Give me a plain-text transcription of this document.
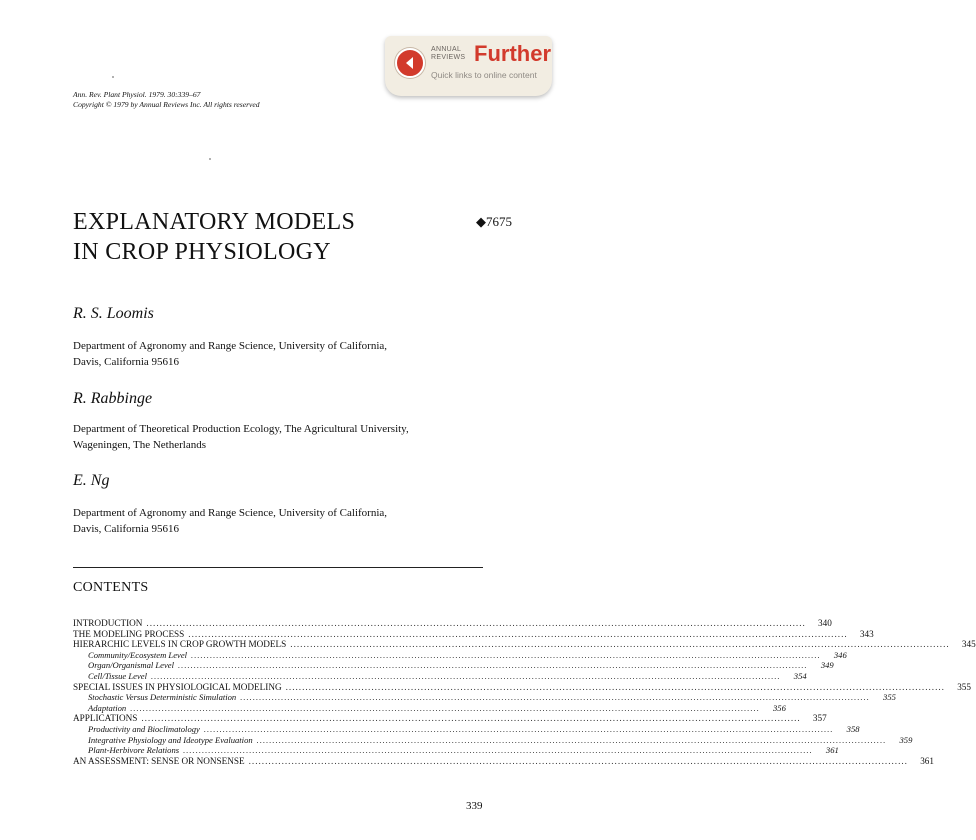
ANNUAL
REVIEWS Further
Quick links to online content
Ann. Rev. Plant Physiol. 1979. 30:339–67
Copyright © 1979 by Annual Reviews Inc. All rights reserved
EXPLANATORY MODELS
IN CROP PHYSIOLOGY
◆7675
R. S. Loomis
Department of Agronomy and Range Science, University of California,
Davis, California 95616
R. Rabbinge
Department of Theoretical Production Ecology, The Agricultural University,
Wageningen, The Netherlands
E. Ng
Department of Agronomy and Range Science, University of California,
Davis, California 95616
CONTENTS
INTRODUCTION ........................................................................................................................................................................................................	340
THE MODELING PROCESS ........................................................................................................................................................................................................	343
HIERARCHIC LEVELS IN CROP GROWTH MODELS ........................................................................................................................................................................................................	345
Community/Ecosystem Level ........................................................................................................................................................................................................	346
Organ/Organismal Level ........................................................................................................................................................................................................	349
Cell/Tissue Level ........................................................................................................................................................................................................	354
SPECIAL ISSUES IN PHYSIOLOGICAL MODELING ........................................................................................................................................................................................................	355
Stochastic Versus Deterministic Simulation ........................................................................................................................................................................................................	355
Adaptation ........................................................................................................................................................................................................	356
APPLICATIONS ........................................................................................................................................................................................................	357
Productivity and Bioclimatology ........................................................................................................................................................................................................	358
Integrative Physiology and Ideotype Evaluation ........................................................................................................................................................................................................	359
Plant-Herbivore Relations ........................................................................................................................................................................................................	361
AN ASSESSMENT: SENSE OR NONSENSE ........................................................................................................................................................................................................	361
339
